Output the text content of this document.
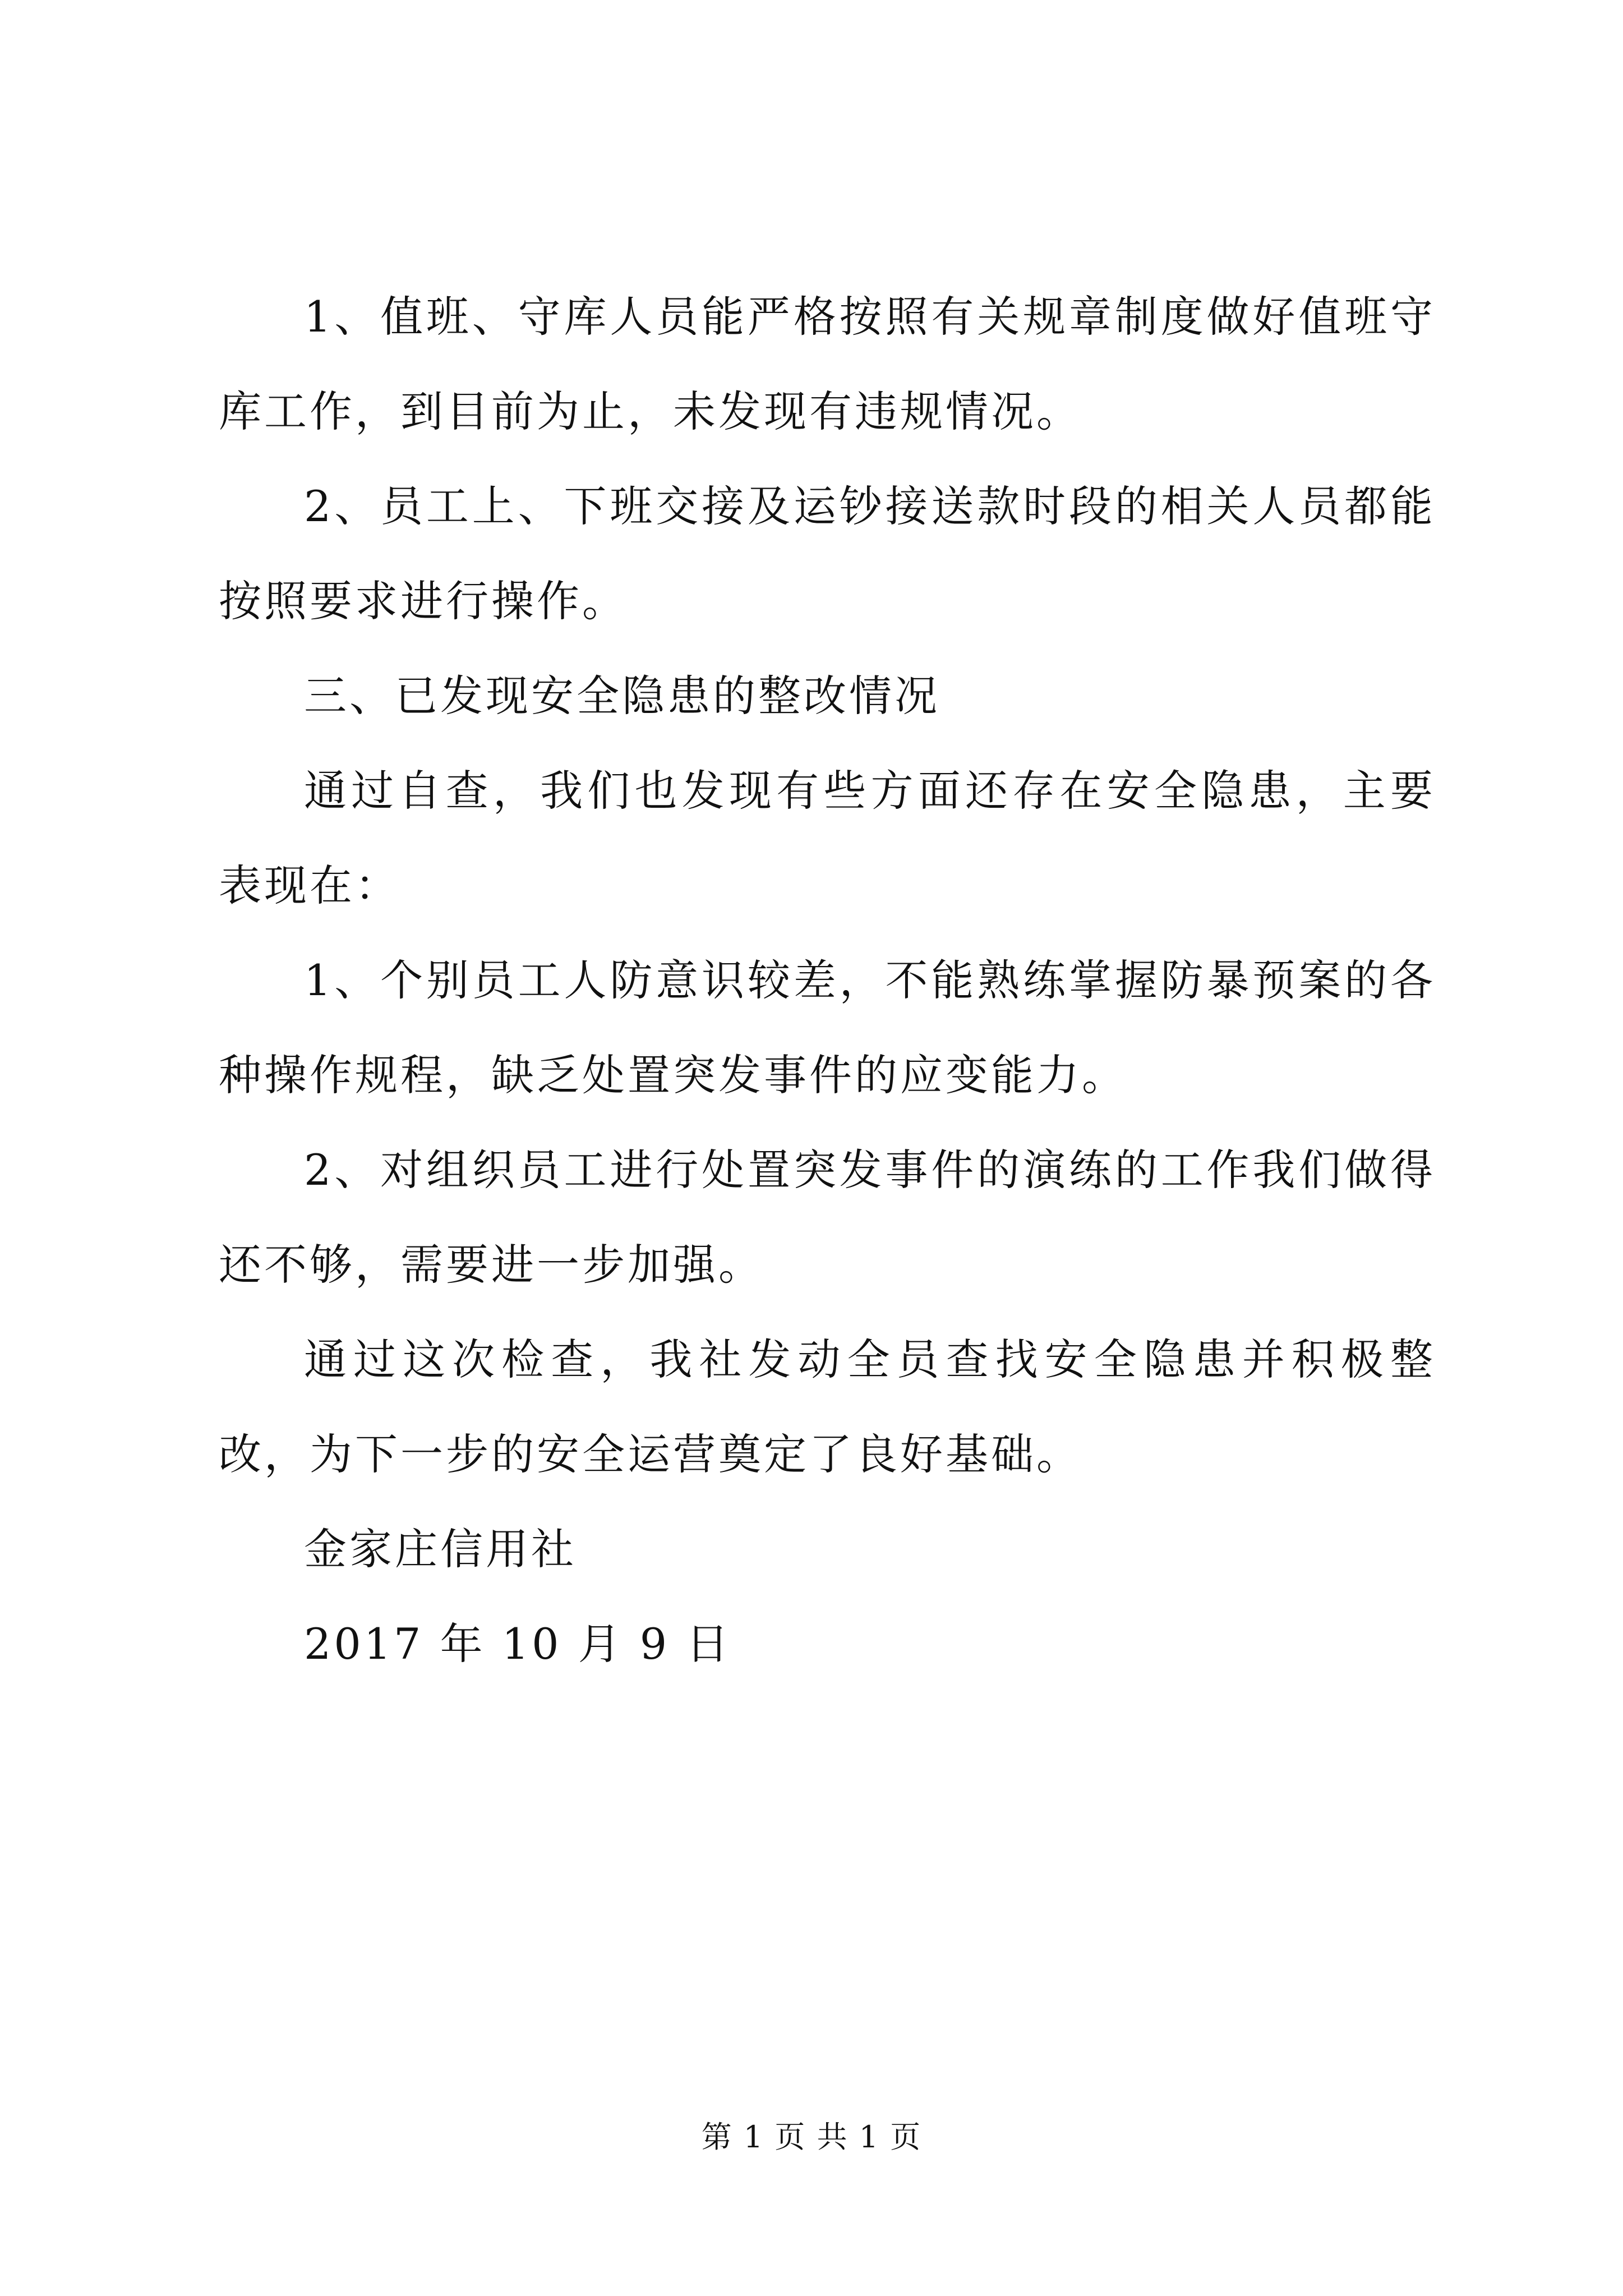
1、值班、守库人员能严格按照有关规章制度做好值班守库工作，到目前为止，未发现有违规情况。

2、员工上、下班交接及运钞接送款时段的相关人员都能按照要求进行操作。

三、已发现安全隐患的整改情况

通过自查，我们也发现有些方面还存在安全隐患，主要表现在：

1、个别员工人防意识较差，不能熟练掌握防暴预案的各种操作规程，缺乏处置突发事件的应变能力。

2、对组织员工进行处置突发事件的演练的工作我们做得还不够，需要进一步加强。

通过这次检查，我社发动全员查找安全隐患并积极整改，为下一步的安全运营奠定了良好基础。

金家庄信用社

2017 年 10 月 9 日

第 1 页 共 1 页
